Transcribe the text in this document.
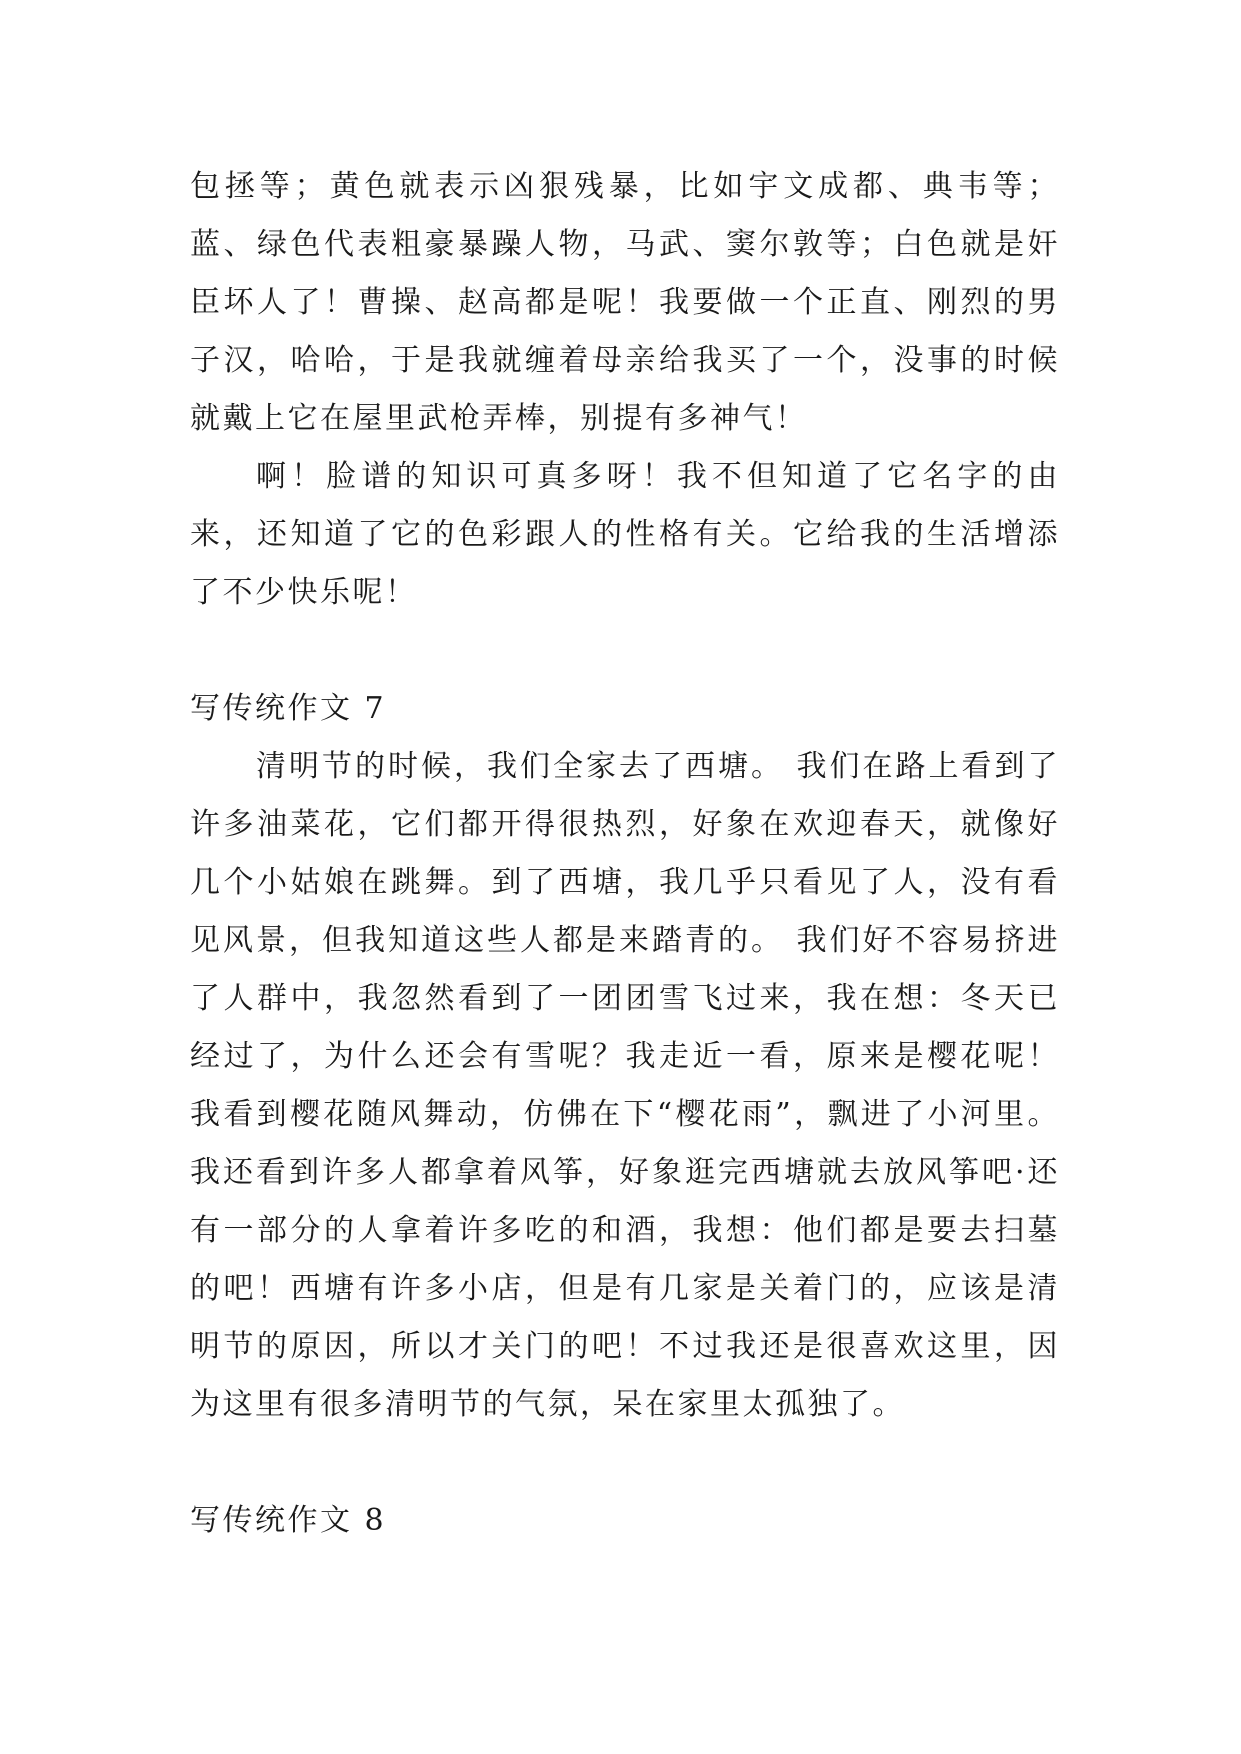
包拯等；黄色就表示凶狠残暴，比如宇文成都、典韦等；蓝、绿色代表粗豪暴躁人物，马武、窦尔敦等；白色就是奸臣坏人了！曹操、赵高都是呢！我要做一个正直、刚烈的男子汉，哈哈，于是我就缠着母亲给我买了一个，没事的时候就戴上它在屋里武枪弄棒，别提有多神气！

啊！脸谱的知识可真多呀！我不但知道了它名字的由来，还知道了它的色彩跟人的性格有关。它给我的生活增添了不少快乐呢！

写传统作文 7

清明节的时候，我们全家去了西塘。 我们在路上看到了许多油菜花，它们都开得很热烈，好象在欢迎春天，就像好几个小姑娘在跳舞。到了西塘，我几乎只看见了人，没有看见风景，但我知道这些人都是来踏青的。 我们好不容易挤进了人群中，我忽然看到了一团团雪飞过来，我在想：冬天已经过了，为什么还会有雪呢？我走近一看，原来是樱花呢！我看到樱花随风舞动，仿佛在下“樱花雨”，飘进了小河里。我还看到许多人都拿着风筝，好象逛完西塘就去放风筝吧·还有一部分的人拿着许多吃的和酒，我想：他们都是要去扫墓的吧！西塘有许多小店，但是有几家是关着门的，应该是清明节的原因，所以才关门的吧！不过我还是很喜欢这里，因为这里有很多清明节的气氛，呆在家里太孤独了。

写传统作文 8
